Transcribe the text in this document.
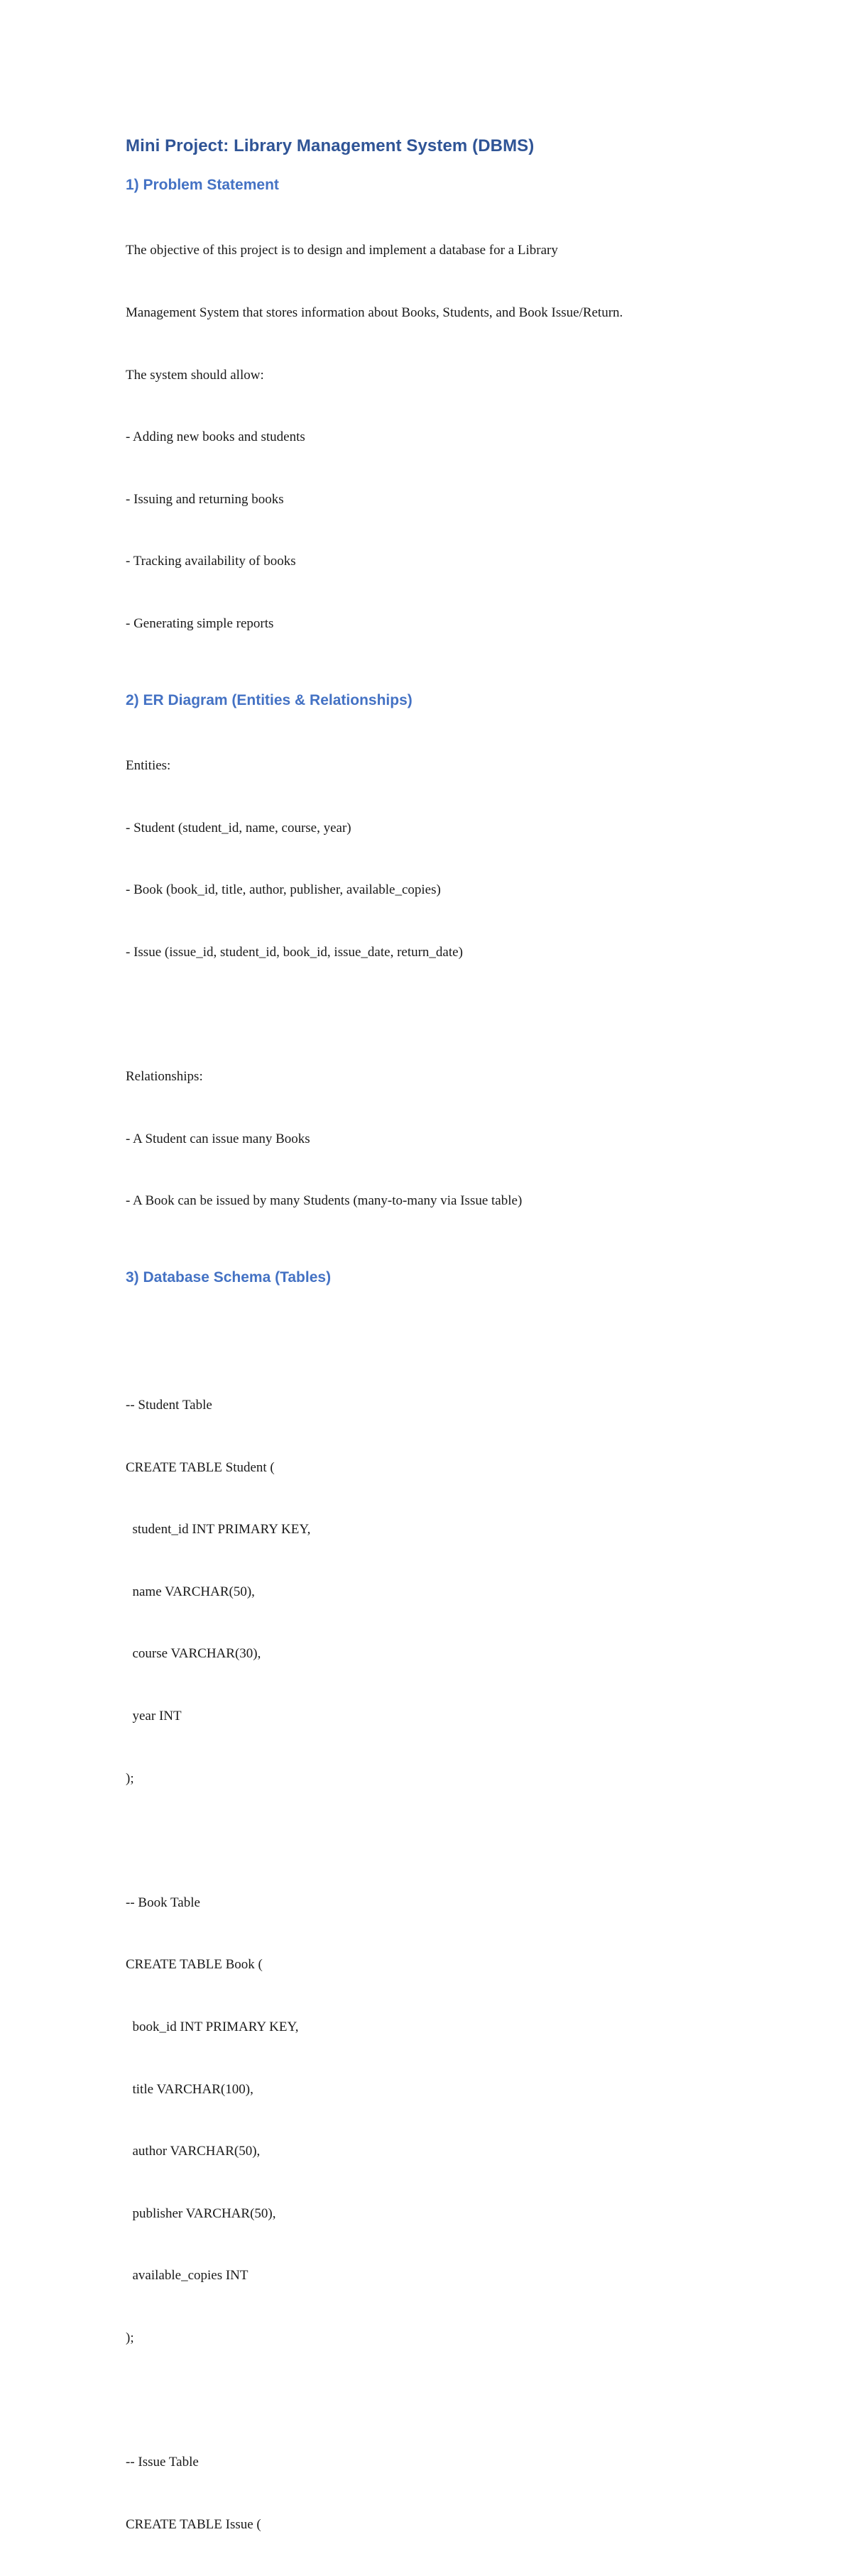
Mini Project: Library Management System (DBMS)
1) Problem Statement

The objective of this project is to design and implement a database for a Library

Management System that stores information about Books, Students, and Book Issue/Return.

The system should allow:

- Adding new books and students

- Issuing and returning books

- Tracking availability of books

- Generating simple reports

2) ER Diagram (Entities & Relationships)

Entities:

- Student (student_id, name, course, year)

- Book (book_id, title, author, publisher, available_copies)

- Issue (issue_id, student_id, book_id, issue_date, return_date)

Relationships:

- A Student can issue many Books

- A Book can be issued by many Students (many-to-many via Issue table)

3) Database Schema (Tables)

-- Student Table

CREATE TABLE Student (

student_id INT PRIMARY KEY,

name VARCHAR(50),

course VARCHAR(30),

year INT

);

-- Book Table

CREATE TABLE Book (

book_id INT PRIMARY KEY,

title VARCHAR(100),

author VARCHAR(50),

publisher VARCHAR(50),

available_copies INT

);

-- Issue Table

CREATE TABLE Issue (
